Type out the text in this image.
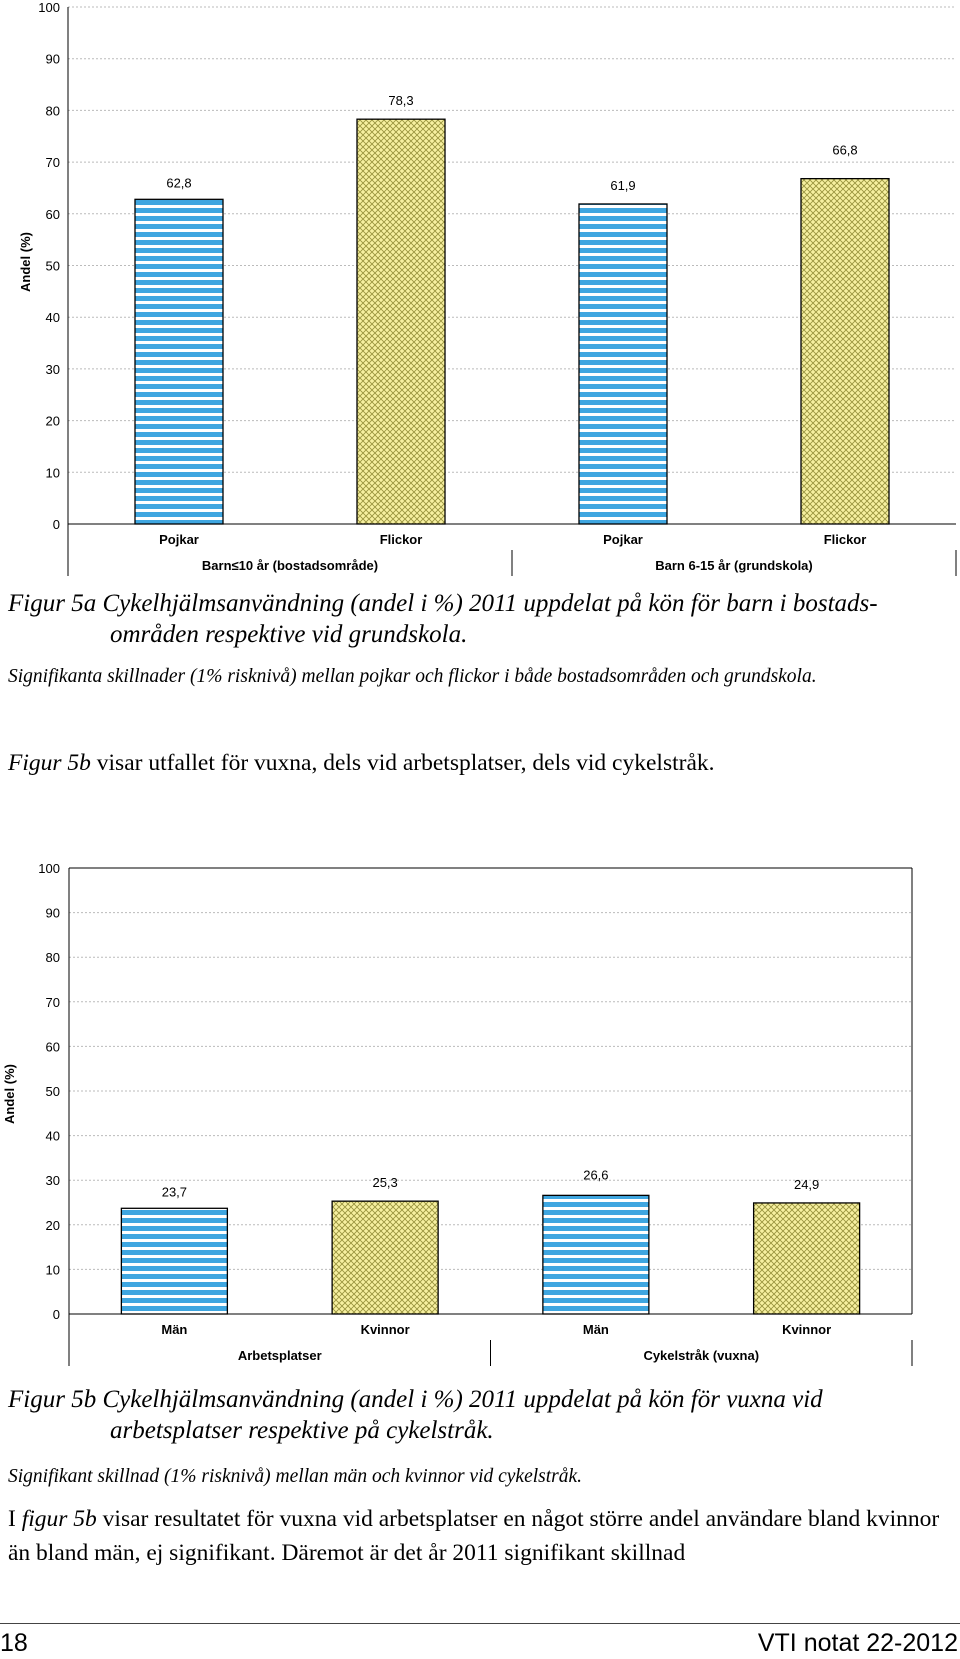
Andel (%)
0
10
20
30
40
50
60
70
80
90
100
62,8
78,3
61,9
66,8
Pojkar	Flickor	Pojkar	Flickor
Barn≤10 år (bostadsområde)	Barn 6-15 år (grundskola)
Figur 5a Cykelhjälmsanvändning (andel i %) 2011 uppdelat på kön för barn i bostads-
områden respektive vid grundskola.

Signifikanta skillnader (1% risknivå) mellan pojkar och flickor i både bostadsområden och grundskola.

Figur 5b visar utfallet för vuxna, dels vid arbetsplatser, dels vid cykelstråk.

Andel (%)
0
10
20
30
40
50
60
70
80
90
100
23,7
25,3
26,6
24,9
Män	Kvinnor	Män	Kvinnor
Arbetsplatser	Cykelstråk (vuxna)
Figur 5b Cykelhjälmsanvändning (andel i %) 2011 uppdelat på kön för vuxna vid
arbetsplatser respektive på cykelstråk.

Signifikant skillnad (1% risknivå) mellan män och kvinnor vid cykelstråk.

I figur 5b visar resultatet för vuxna vid arbetsplatser en något större andel användare bland kvinnor än bland män, ej signifikant. Däremot är det år 2011 signifikant skillnad

18	VTI notat 22-2012
